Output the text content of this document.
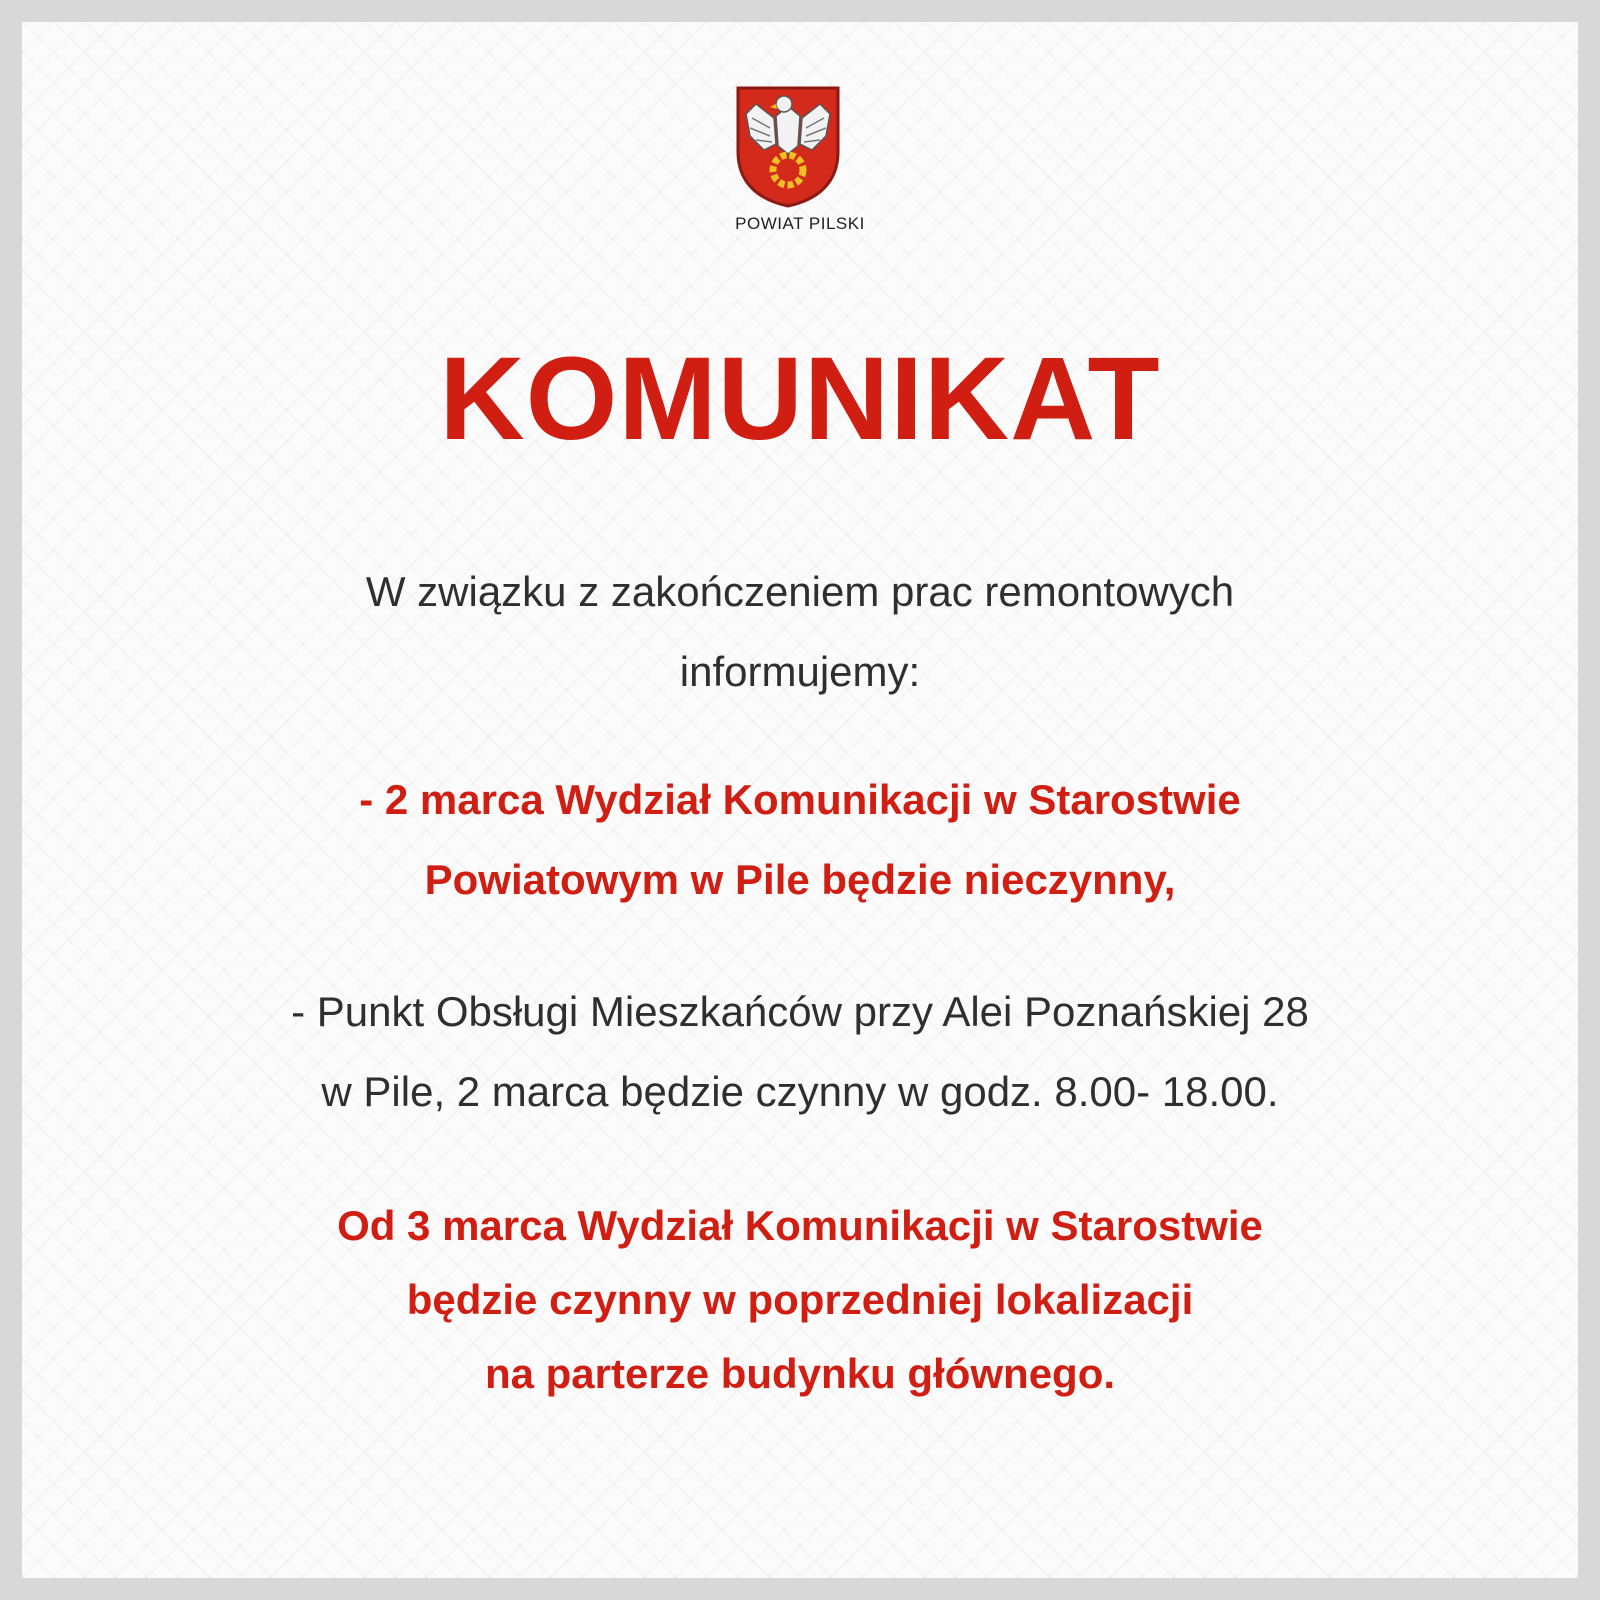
POWIAT PILSKI
KOMUNIKAT

W związku z zakończeniem prac remontowych
informujemy:

- 2 marca Wydział Komunikacji w Starostwie
Powiatowym w Pile będzie nieczynny,

- Punkt Obsługi Mieszkańców przy Alei Poznańskiej 28
w Pile, 2 marca będzie czynny w godz. 8.00- 18.00.

Od 3 marca Wydział Komunikacji w Starostwie
będzie czynny w poprzedniej lokalizacji
na parterze budynku głównego.
